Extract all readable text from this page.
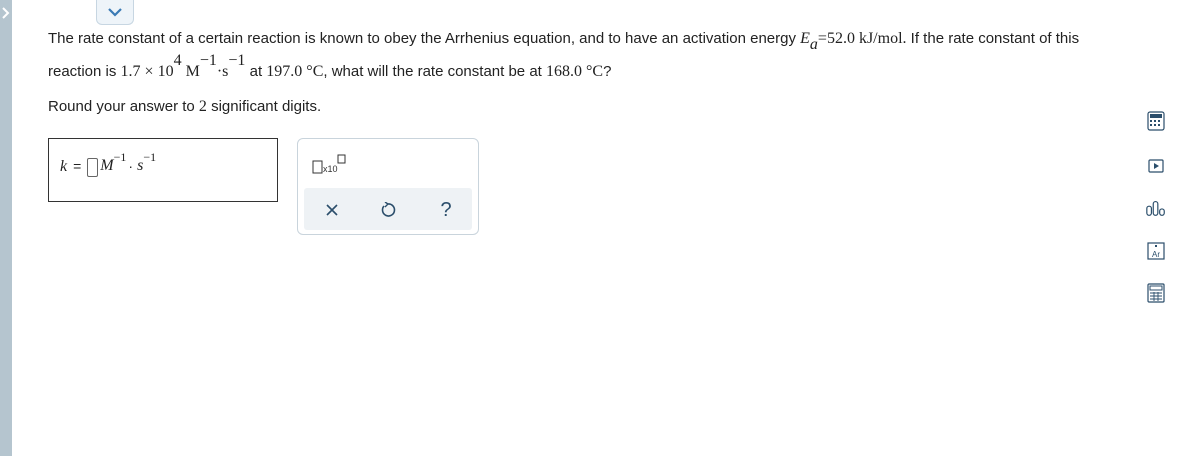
The rate constant of a certain reaction is known to obey the Arrhenius equation, and to have an activation energy $E_a=52.0$ kJ/mol. If the rate constant of this
reaction is $1.7 \times 10^4$ $M^{-1}\cdot s^{-1}$ at 197.0 °C, what will the rate constant be at 168.0 °C?
Round your answer to 2 significant digits.
k = M −1
· s −1
x10
?
Ar
